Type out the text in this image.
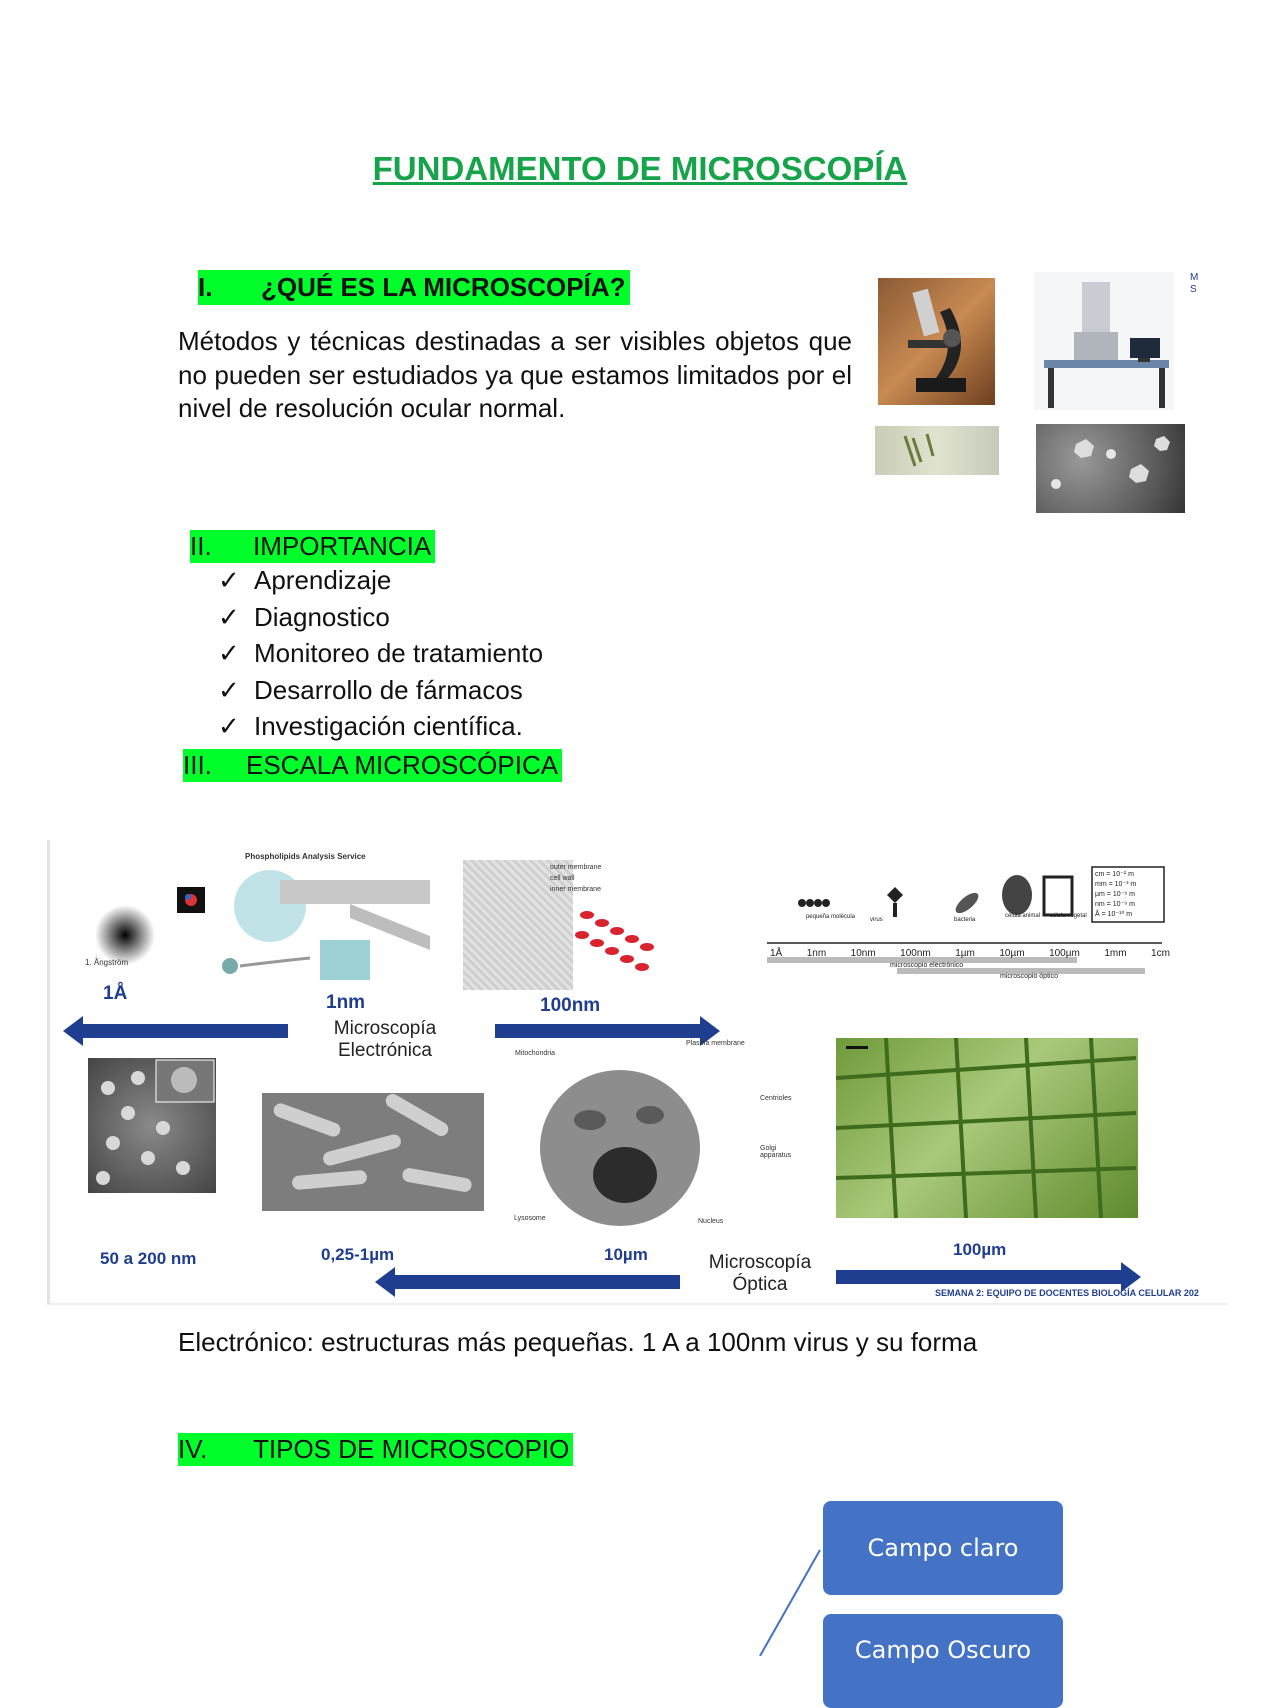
FUNDAMENTO DE MICROSCOPÍA
I. ¿QUÉ ES LA MICROSCOPÍA?
Métodos y técnicas destinadas a ser visibles objetos que no pueden ser estudiados ya que estamos limitados por el nivel de resolución ocular normal.
M
S
II. IMPORTANCIA
✓ Aprendizaje
✓ Diagnostico
✓ Monitoreo de tratamiento
✓ Desarrollo de fármacos
✓ Investigación científica.
III. ESCALA MICROSCÓPICA
1. Ångström
1Å
Phospholipids Analysis Service
1nm
outer membrane
cell wall
inner membrane
100nm
pequeña molécula	virus	bacteria
célula animal célula vegetal
cm = 10⁻² m
mm = 10⁻³ m
µm = 10⁻⁶ m
nm = 10⁻⁹ m
Å = 10⁻¹⁰ m
1Å 1nm 10nm 100nm 1µm 10µm 100µm 1mm 1cm
microscopio electrónico
microscopio óptico
Microscopía
Electrónica	Mitochondria
Plasma membrane
Centrioles
Golgi apparatus
Lysosome	Nucleus
50 a 200 nm	0,25-1µm	10µm	100µm
Microscopía
Óptica	SEMANA 2: EQUIPO DE DOCENTES BIOLOGÍA CELULAR 202
Electrónico: estructuras más pequeñas. 1 A a 100nm virus y su forma
IV. TIPOS DE MICROSCOPIO
Campo claro
Campo Oscuro
